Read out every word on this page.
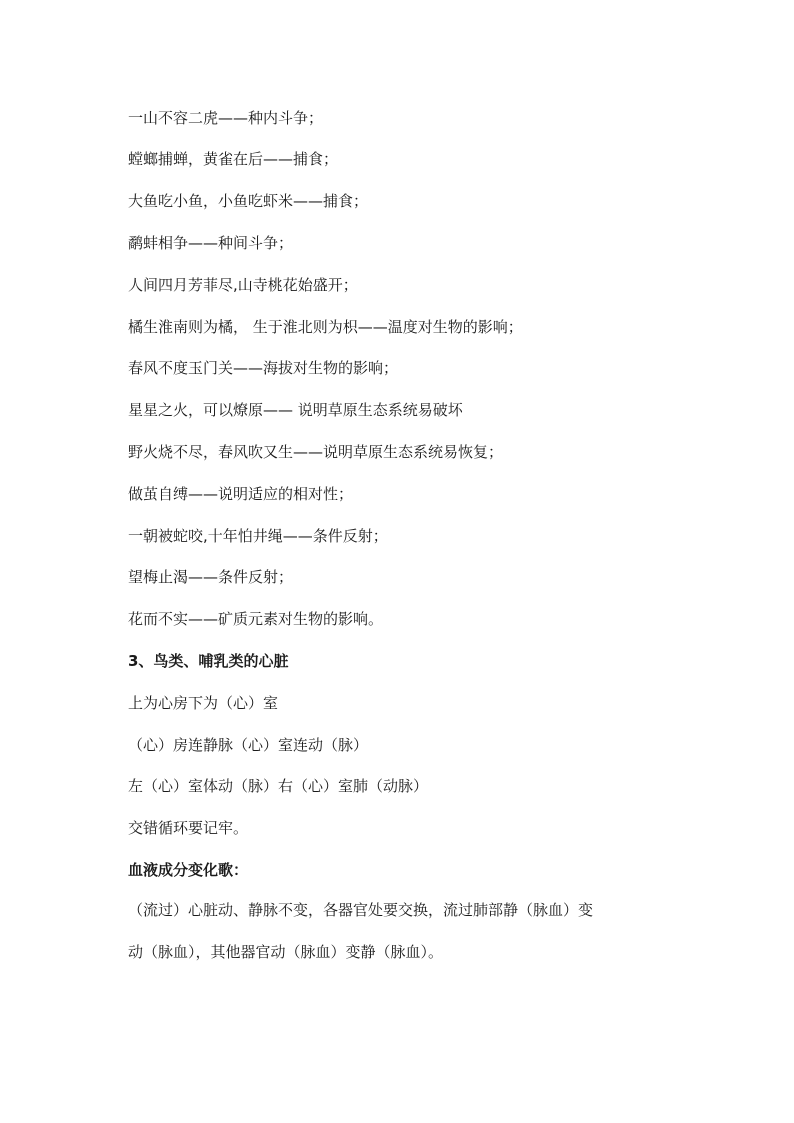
一山不容二虎——种内斗争；
螳螂捕蝉，黄雀在后——捕食；
大鱼吃小鱼，小鱼吃虾米——捕食；
鹬蚌相争——种间斗争；
人间四月芳菲尽,山寺桃花始盛开；
橘生淮南则为橘， 生于淮北则为枳——温度对生物的影响；
春风不度玉门关——海拔对生物的影响；
星星之火，可以燎原—— 说明草原生态系统易破坏
野火烧不尽，春风吹又生——说明草原生态系统易恢复；
做茧自缚——说明适应的相对性；
一朝被蛇咬,十年怕井绳——条件反射；
望梅止渴——条件反射；
花而不实——矿质元素对生物的影响。
3、鸟类、哺乳类的心脏
上为心房下为（心）室
（心）房连静脉（心）室连动（脉）
左（心）室体动（脉）右（心）室肺（动脉）
交错循环要记牢。
血液成分变化歌：
（流过）心脏动、静脉不变，各器官处要交换，流过肺部静（脉血）变
动（脉血），其他器官动（脉血）变静（脉血）。
